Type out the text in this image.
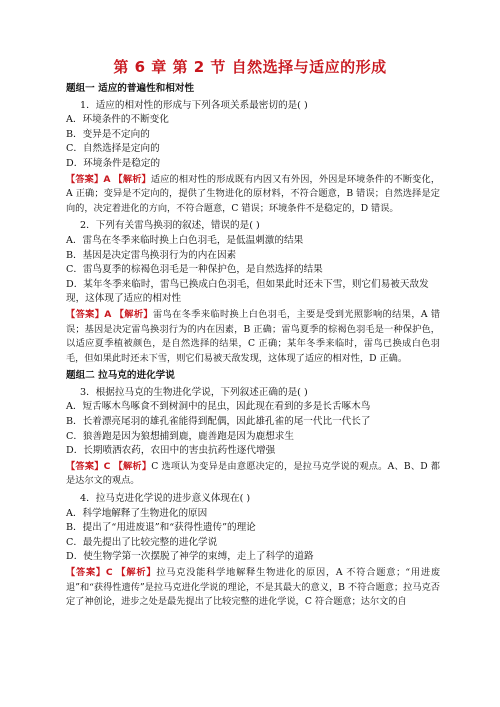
第 6 章 第 2 节 自然选择与适应的形成
题组一 适应的普遍性和相对性

1．适应的相对性的形成与下列各项关系最密切的是( )

A．环境条件的不断变化

B．变异是不定向的

C．自然选择是定向的

D．环境条件是稳定的

【答案】A 【解析】适应的相对性的形成既有内因又有外因，外因是环境条件的不断变化，A 正确；变异是不定向的，提供了生物进化的原材料，不符合题意，B 错误；自然选择是定向的，决定着进化的方向，不符合题意，C 错误；环境条件不是稳定的，D 错误。

2．下列有关雷鸟换羽的叙述，错误的是( )

A．雷鸟在冬季来临时换上白色羽毛，是低温刺激的结果

B．基因是决定雷鸟换羽行为的内在因素

C．雷鸟夏季的棕褐色羽毛是一种保护色，是自然选择的结果

D．某年冬季来临时，雷鸟已换成白色羽毛，但如果此时还未下雪，则它们易被天敌发现，这体现了适应的相对性

【答案】A 【解析】雷鸟在冬季来临时换上白色羽毛，主要是受到光照影响的结果，A 错误；基因是决定雷鸟换羽行为的内在因素，B 正确；雷鸟夏季的棕褐色羽毛是一种保护色，以适应夏季植被颜色，是自然选择的结果，C 正确；某年冬季来临时，雷鸟已换成白色羽毛，但如果此时还未下雪，则它们易被天敌发现，这体现了适应的相对性，D 正确。

题组二 拉马克的进化学说

3．根据拉马克的生物进化学说，下列叙述正确的是( )

A．短舌啄木鸟啄食不到树洞中的昆虫，因此现在看到的多是长舌啄木鸟

B．长着漂亮尾羽的雄孔雀能得到配偶，因此雄孔雀的尾一代比一代长了

C．狼善跑是因为狼想捕到鹿，鹿善跑是因为鹿想求生

D．长期喷洒农药，农田中的害虫抗药性逐代增强

【答案】C 【解析】C 选项认为变异是由意愿决定的，是拉马克学说的观点。A、B、D 都是达尔文的观点。

4．拉马克进化学说的进步意义体现在( )

A．科学地解释了生物进化的原因

B．提出了“用进废退”和“获得性遗传”的理论

C．最先提出了比较完整的进化学说

D．使生物学第一次摆脱了神学的束缚，走上了科学的道路

【答案】C 【解析】拉马克没能科学地解释生物进化的原因，A 不符合题意；“用进废退”和“获得性遗传”是拉马克进化学说的理论，不是其最大的意义，B 不符合题意；拉马克否定了神创论，进步之处是最先提出了比较完整的进化学说，C 符合题意；达尔文的自
